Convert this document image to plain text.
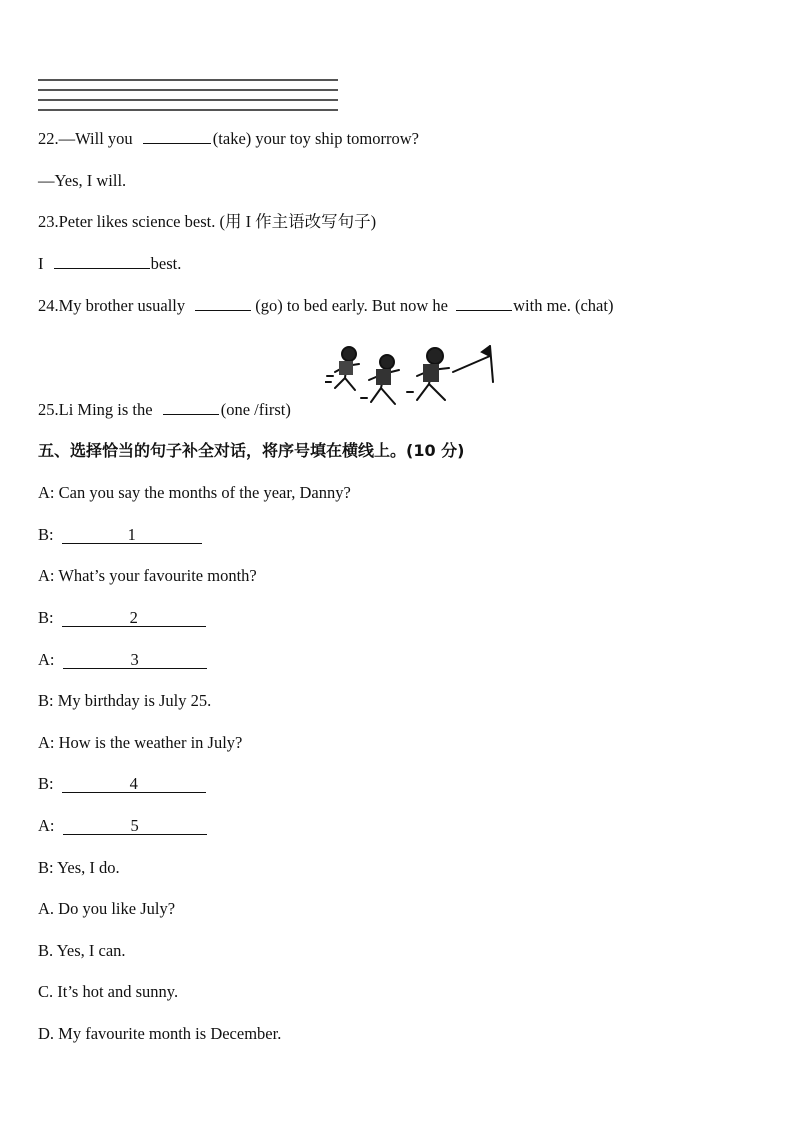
22.—Will you	(take) your toy ship tomorrow?
—Yes, I will.
23.Peter likes science best. (用 I 作主语改写句子)
I	best.
24.My brother usually	(go) to bed early. But now he	with me. (chat)
25.Li Ming is the	(one /first)
五、选择恰当的句子补全对话，将序号填在横线上。(10 分)
A: Can you say the months of the year, Danny?
B:	1
A: What’s your favourite month?
B:	2
A:	3
B: My birthday is July 25.
A: How is the weather in July?
B:	4
A:	5
B: Yes, I do.
A. Do you like July?
B. Yes, I can.
C. It’s hot and sunny.
D. My favourite month is December.
